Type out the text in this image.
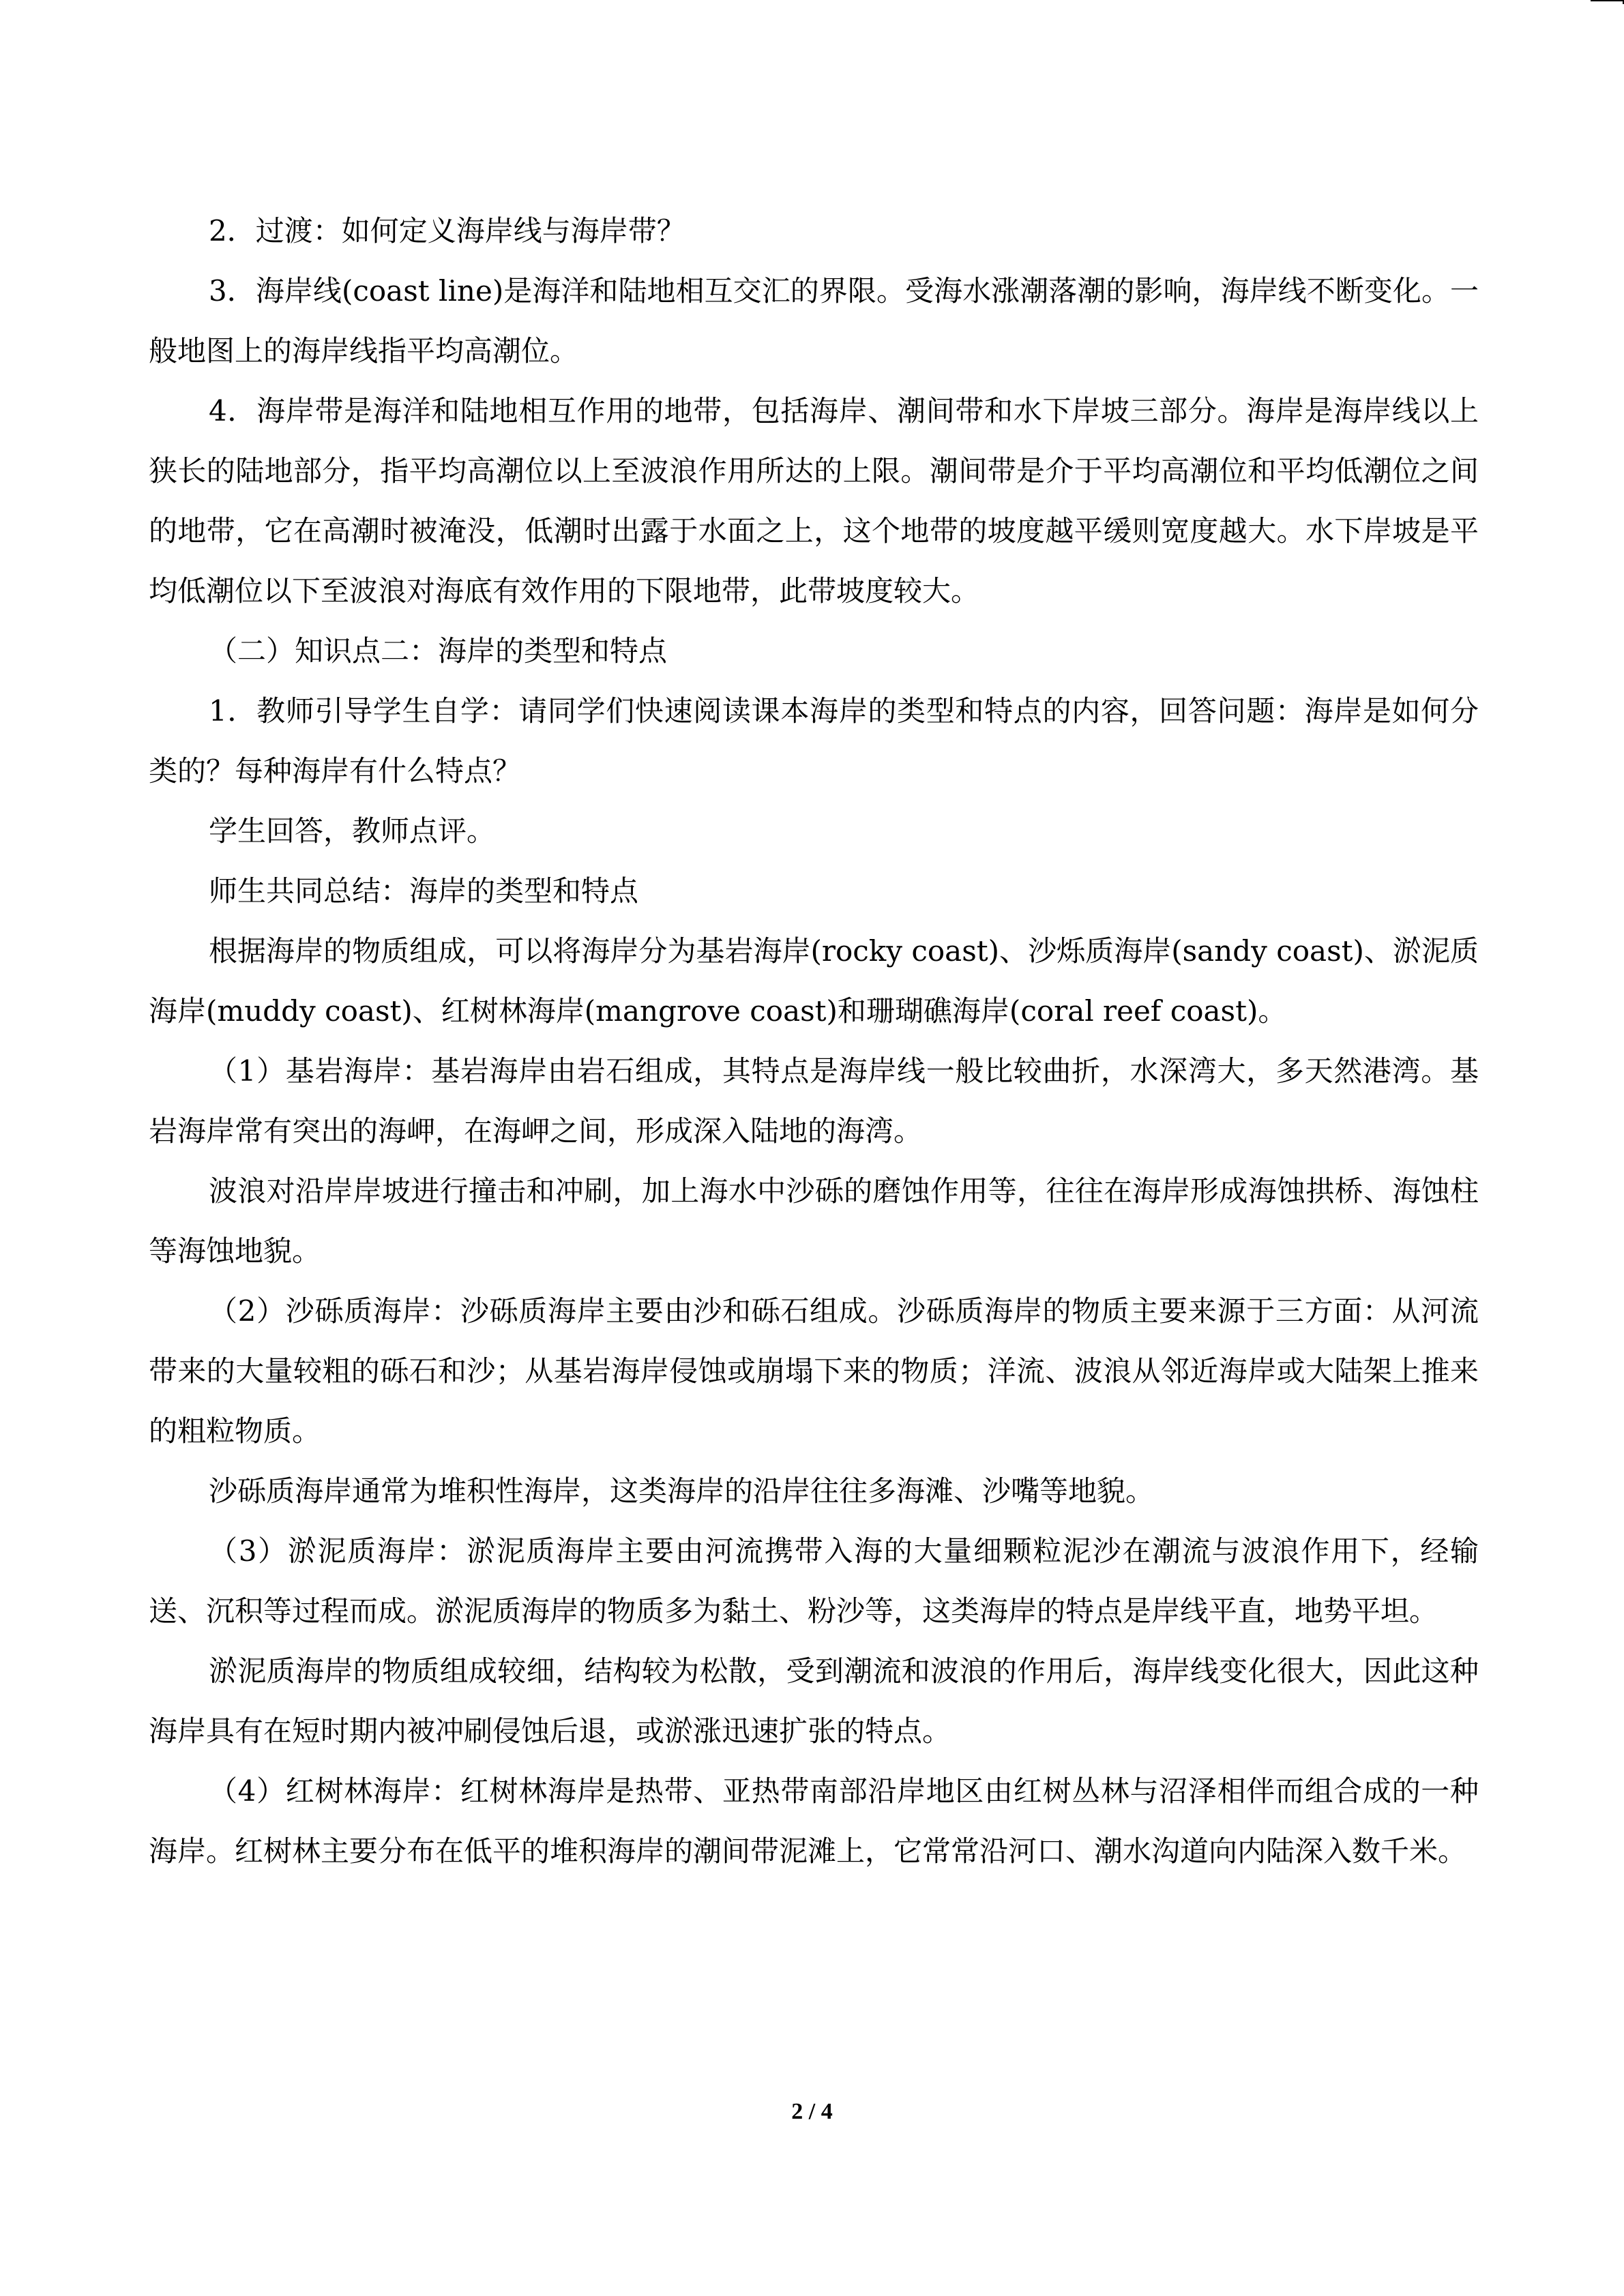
2．过渡：如何定义海岸线与海岸带？

3．海岸线(coast line)是海洋和陆地相互交汇的界限。受海水涨潮落潮的影响，海岸线不断变化。一般地图上的海岸线指平均高潮位。

4．海岸带是海洋和陆地相互作用的地带，包括海岸、潮间带和水下岸坡三部分。海岸是海岸线以上狭长的陆地部分，指平均高潮位以上至波浪作用所达的上限。潮间带是介于平均高潮位和平均低潮位之间的地带，它在高潮时被淹没，低潮时出露于水面之上，这个地带的坡度越平缓则宽度越大。水下岸坡是平均低潮位以下至波浪对海底有效作用的下限地带，此带坡度较大。

（二）知识点二：海岸的类型和特点

1．教师引导学生自学：请同学们快速阅读课本海岸的类型和特点的内容，回答问题：海岸是如何分类的？每种海岸有什么特点？

学生回答，教师点评。

师生共同总结：海岸的类型和特点

根据海岸的物质组成，可以将海岸分为基岩海岸(rocky coast)、沙烁质海岸(sandy coast)、淤泥质海岸(muddy coast)、红树林海岸(mangrove coast)和珊瑚礁海岸(coral reef coast)。

（1）基岩海岸：基岩海岸由岩石组成，其特点是海岸线一般比较曲折，水深湾大，多天然港湾。基岩海岸常有突出的海岬，在海岬之间，形成深入陆地的海湾。

波浪对沿岸岸坡进行撞击和冲刷，加上海水中沙砾的磨蚀作用等，往往在海岸形成海蚀拱桥、海蚀柱等海蚀地貌。

（2）沙砾质海岸：沙砾质海岸主要由沙和砾石组成。沙砾质海岸的物质主要来源于三方面：从河流带来的大量较粗的砾石和沙；从基岩海岸侵蚀或崩塌下来的物质；洋流、波浪从邻近海岸或大陆架上推来的粗粒物质。

沙砾质海岸通常为堆积性海岸，这类海岸的沿岸往往多海滩、沙嘴等地貌。

（3）淤泥质海岸：淤泥质海岸主要由河流携带入海的大量细颗粒泥沙在潮流与波浪作用下，经输送、沉积等过程而成。淤泥质海岸的物质多为黏土、粉沙等，这类海岸的特点是岸线平直，地势平坦。

淤泥质海岸的物质组成较细，结构较为松散，受到潮流和波浪的作用后，海岸线变化很大，因此这种海岸具有在短时期内被冲刷侵蚀后退，或淤涨迅速扩张的特点。

（4）红树林海岸：红树林海岸是热带、亚热带南部沿岸地区由红树丛林与沼泽相伴而组合成的一种海岸。红树林主要分布在低平的堆积海岸的潮间带泥滩上，它常常沿河口、潮水沟道向内陆深入数千米。

2 / 4
